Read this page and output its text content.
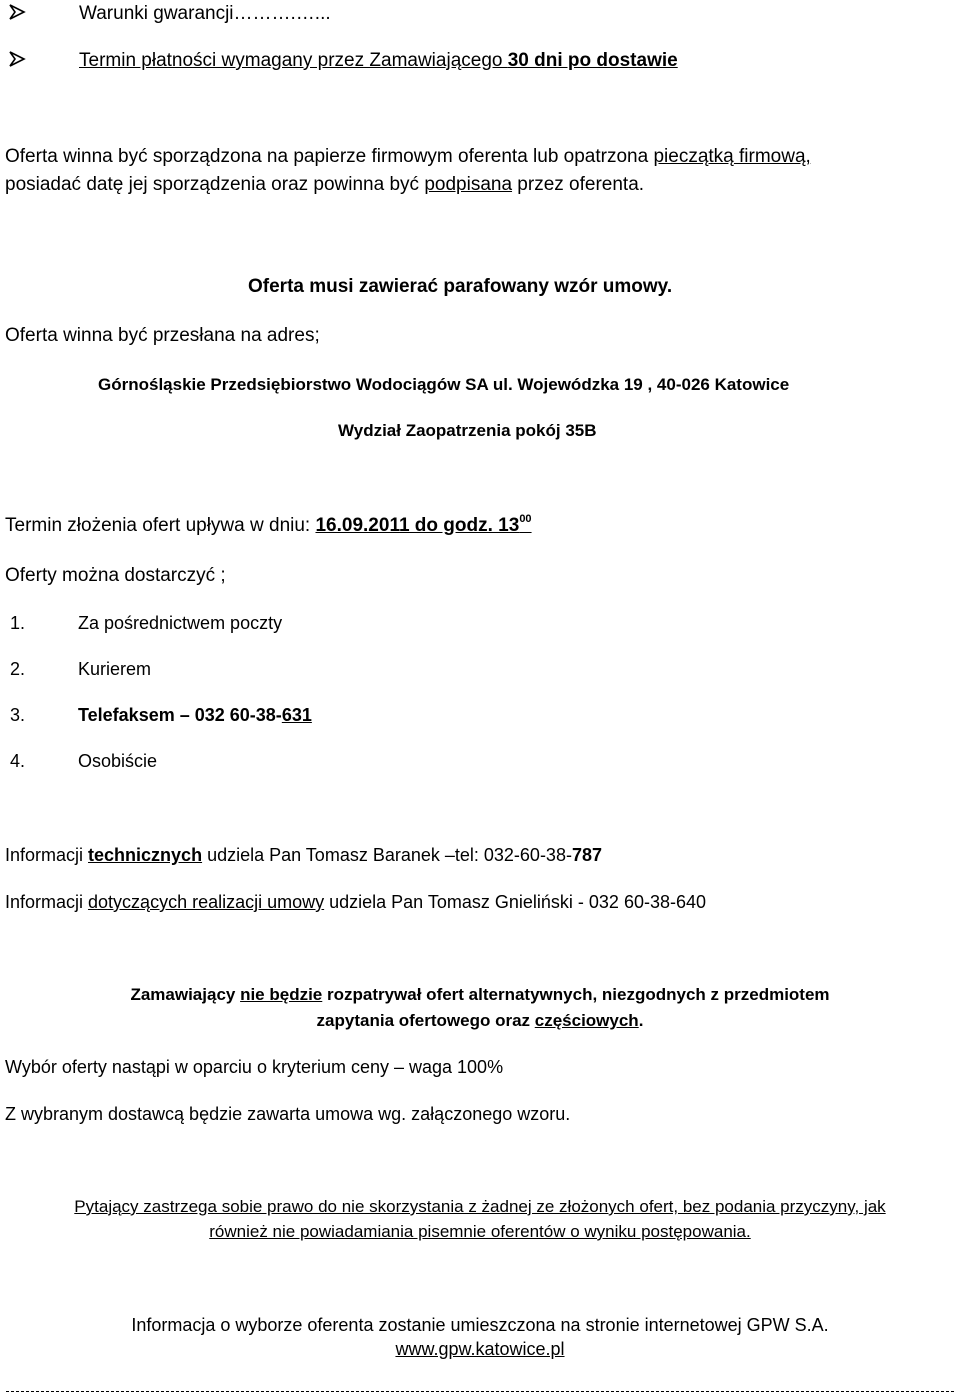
Warunki gwarancji……….…...
Termin płatności wymagany przez Zamawiającego 30 dni po dostawie
Oferta winna być sporządzona na papierze firmowym oferenta lub opatrzona pieczątką firmową,
posiadać datę jej sporządzenia oraz powinna być podpisana przez oferenta.
Oferta musi zawierać parafowany wzór umowy.
Oferta winna być przesłana na adres;
Górnośląskie Przedsiębiorstwo Wodociągów SA ul. Wojewódzka 19 , 40-026 Katowice
Wydział Zaopatrzenia pokój 35B
Termin złożenia ofert upływa w dniu: 16.09.2011 do godz. $13^{00}$
Oferty można dostarczyć ;
1.	Za pośrednictwem poczty
2.	Kurierem
3.	Telefaksem – 032 60-38-631
4.	Osobiście
Informacji technicznych udziela Pan Tomasz Baranek –tel: 032-60-38-787
Informacji dotyczących realizacji umowy udziela Pan Tomasz Gnieliński - 032 60-38-640
Zamawiający nie będzie rozpatrywał ofert alternatywnych, niezgodnych z przedmiotem
zapytania ofertowego oraz częściowych.
Wybór oferty nastąpi w oparciu o kryterium ceny – waga 100%
Z wybranym dostawcą będzie zawarta umowa wg. załączonego wzoru.
Pytający zastrzega sobie prawo do nie skorzystania z żadnej ze złożonych ofert, bez podania przyczyny, jak
również nie powiadamiania pisemnie oferentów o wyniku postępowania.
Informacja o wyborze oferenta zostanie umieszczona na stronie internetowej GPW S.A.
www.gpw.katowice.pl
